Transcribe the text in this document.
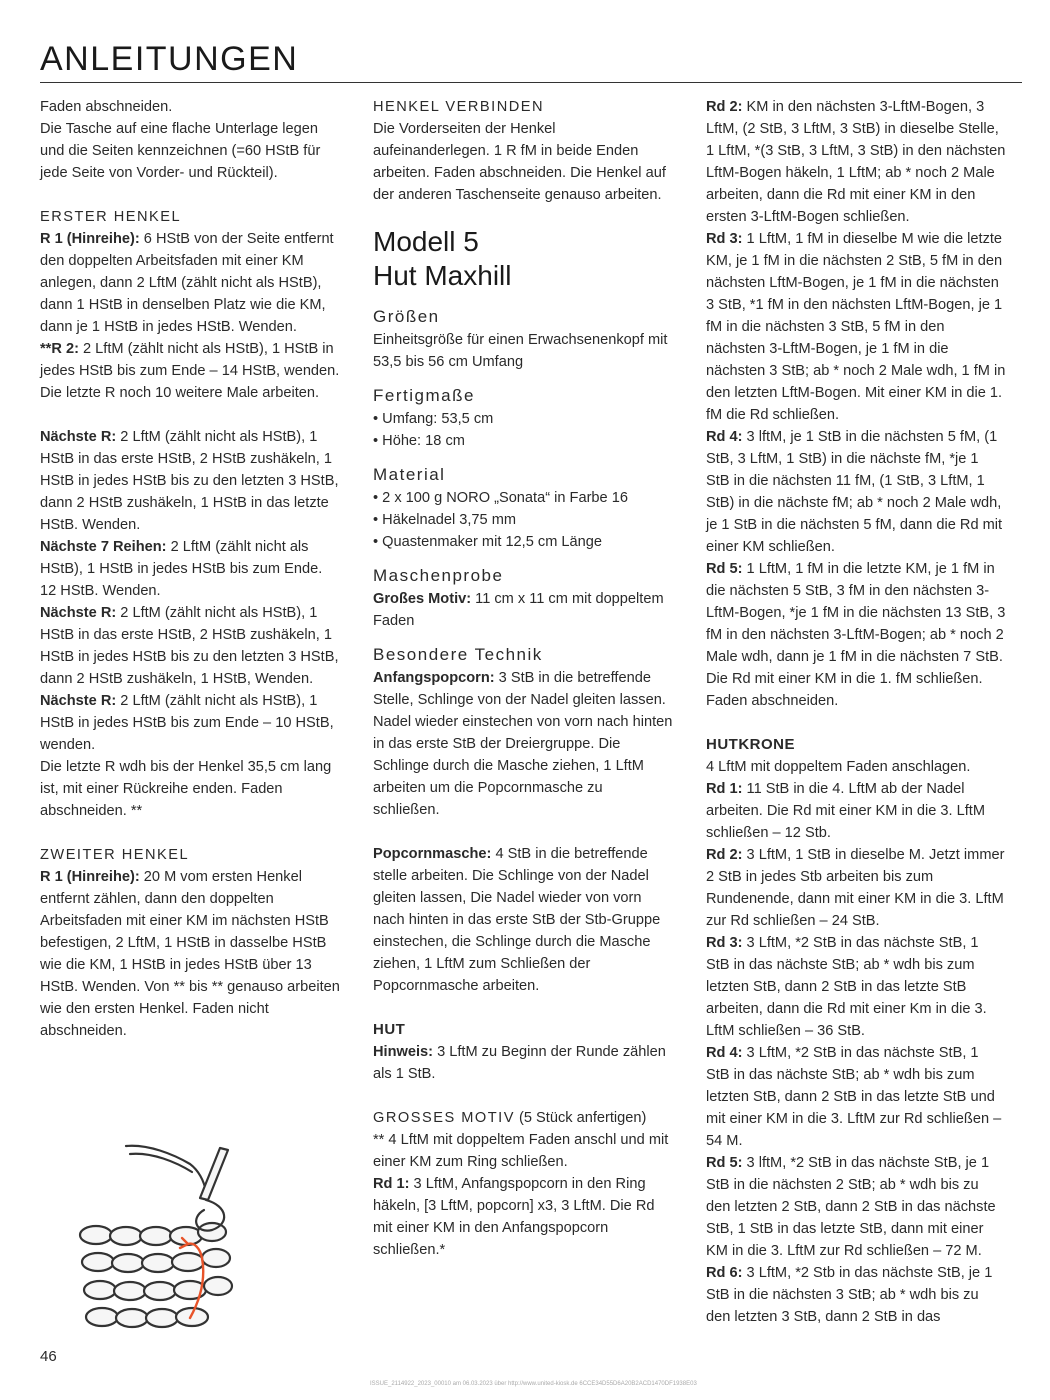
ANLEITUNGEN

Faden abschneiden.

Die Tasche auf eine flache Unterlage legen und die Seiten kennzeichnen (=60 HStB für jede Seite von Vorder- und Rückteil).

ERSTER HENKEL

R 1 (Hinreihe): 6 HStB von der Seite entfernt den doppelten Arbeitsfaden mit einer KM anlegen, dann 2 LftM (zählt nicht als HStB), dann 1 HStB in denselben Platz wie die KM, dann je 1 HStB in jedes HStB. Wenden.

**R 2: 2 LftM (zählt nicht als HStB), 1 HStB in jedes HStB bis zum Ende – 14 HStB, wenden.

Die letzte R noch 10 weitere Male arbeiten.

Nächste R: 2 LftM (zählt nicht als HStB), 1 HStB in das erste HStB, 2 HStB zushäkeln, 1 HStB in jedes HStB bis zu den letzten 3 HStB, dann 2 HStB zushäkeln, 1 HStB in das letzte HStB. Wenden.

Nächste 7 Reihen: 2 LftM (zählt nicht als HStB), 1 HStB in jedes HStB bis zum Ende. 12 HStB. Wenden.

Nächste R: 2 LftM (zählt nicht als HStB), 1 HStB in das erste HStB, 2 HStB zushäkeln, 1 HStB in jedes HStB bis zu den letzten 3 HStB, dann 2 HStB zushäkeln, 1 HStB, Wenden.

Nächste R: 2 LftM (zählt nicht als HStB), 1 HStB in jedes HStB bis zum Ende – 10 HStB, wenden.

Die letzte R wdh bis der Henkel 35,5 cm lang ist, mit einer Rückreihe enden. Faden abschneiden. **

ZWEITER HENKEL

R 1 (Hinreihe): 20 M vom ersten Henkel entfernt zählen, dann den doppelten Arbeitsfaden mit einer KM im nächsten HStB befestigen, 2 LftM, 1 HStB in dasselbe HStB wie die KM, 1 HStB in jedes HStB über 13 HStB. Wenden. Von ** bis ** genauso arbeiten wie den ersten Henkel. Faden nicht abschneiden.

HENKEL VERBINDEN

Die Vorderseiten der Henkel aufeinanderlegen. 1 R fM in beide Enden arbeiten. Faden abschneiden. Die Henkel auf der anderen Taschenseite genauso arbeiten.

Modell 5
Hut Maxhill

Größen

Einheitsgröße für einen Erwachsenenkopf mit 53,5 bis 56 cm Umfang

Fertigmaße

• Umfang: 53,5 cm

• Höhe: 18 cm

Material

• 2 x 100 g NORO „Sonata“ in Farbe 16

• Häkelnadel 3,75 mm

• Quastenmaker mit 12,5 cm Länge

Maschenprobe

Großes Motiv: 11 cm x 11 cm mit doppeltem Faden

Besondere Technik

Anfangspopcorn: 3 StB in die betreffende Stelle, Schlinge von der Nadel gleiten lassen. Nadel wieder einstechen von vorn nach hinten in das erste StB der Dreiergruppe. Die Schlinge durch die Masche ziehen, 1 LftM arbeiten um die Popcornmasche zu schließen.

Popcornmasche: 4 StB in die betreffende stelle arbeiten. Die Schlinge von der Nadel gleiten lassen, Die Nadel wieder von vorn nach hinten in das erste StB der Stb-Gruppe einstechen, die Schlinge durch die Masche ziehen, 1 LftM zum Schließen der Popcornmasche arbeiten.

HUT

Hinweis: 3 LftM zu Beginn der Runde zählen als 1 StB.

GROSSES MOTIV (5 Stück anfertigen)

** 4 LftM mit doppeltem Faden anschl und mit einer KM zum Ring schließen.

Rd 1: 3 LftM, Anfangspopcorn in den Ring häkeln, [3 LftM, popcorn] x3, 3 LftM. Die Rd mit einer KM in den Anfangspopcorn schließen.*

Rd 2: KM in den nächsten 3-LftM-Bogen, 3 LftM, (2 StB, 3 LftM, 3 StB) in dieselbe Stelle, 1 LftM, *(3 StB, 3 LftM, 3 StB) in den nächsten LftM-Bogen häkeln, 1 LftM; ab * noch 2 Male arbeiten, dann die Rd mit einer KM in den ersten 3-LftM-Bogen schließen.

Rd 3: 1 LftM, 1 fM in dieselbe M wie die letzte KM, je 1 fM in die nächsten 2 StB, 5 fM in den nächsten LftM-Bogen, je 1 fM in die nächsten 3 StB, *1 fM in den nächsten LftM-Bogen, je 1 fM in die nächsten 3 StB, 5 fM in den nächsten 3-LftM-Bogen, je 1 fM in die nächsten 3 StB; ab * noch 2 Male wdh, 1 fM in den letzten LftM-Bogen. Mit einer KM in die 1. fM die Rd schließen.

Rd 4: 3 lftM, je 1 StB in die nächsten 5 fM, (1 StB, 3 LftM, 1 StB) in die nächste fM, *je 1 StB in die nächsten 11 fM, (1 StB, 3 LftM, 1 StB) in die nächste fM; ab * noch 2 Male wdh, je 1 StB in die nächsten 5 fM, dann die Rd mit einer KM schließen.

Rd 5: 1 LftM, 1 fM in die letzte KM, je 1 fM in die nächsten 5 StB, 3 fM in den nächsten 3-LftM-Bogen, *je 1 fM in die nächsten 13 StB, 3 fM in den nächsten 3-LftM-Bogen; ab * noch 2 Male wdh, dann je 1 fM in die nächsten 7 StB. Die Rd mit einer KM in die 1. fM schließen. Faden abschneiden.

HUTKRONE

4 LftM mit doppeltem Faden anschlagen.

Rd 1: 11 StB in die 4. LftM ab der Nadel arbeiten. Die Rd mit einer KM in die 3. LftM schließen – 12 Stb.

Rd 2: 3 LftM, 1 StB in dieselbe M. Jetzt immer 2 StB in jedes Stb arbeiten bis zum Rundenende, dann mit einer KM in die 3. LftM zur Rd schließen – 24 StB.

Rd 3: 3 LftM, *2 StB in das nächste StB, 1 StB in das nächste StB; ab * wdh bis zum letzten StB, dann 2 StB in das letzte StB arbeiten, dann die Rd mit einer Km in die 3. LftM schließen – 36 StB.

Rd 4: 3 LftM, *2 StB in das nächste StB, 1 StB in das nächste StB; ab * wdh bis zum letzten StB, dann 2 StB in das letzte StB und mit einer KM in die 3. LftM zur Rd schließen – 54 M.

Rd 5: 3 lftM, *2 StB in das nächste StB, je 1 StB in die nächsten 2 StB; ab * wdh bis zu den letzten 2 StB, dann 2 StB in das nächste StB, 1 StB in das letzte StB, dann mit einer KM in die 3. LftM zur Rd schließen – 72 M.

Rd 6: 3 LftM, *2 Stb in das nächste StB, je 1 StB in die nächsten 3 StB; ab * wdh bis zu den letzten 3 StB, dann 2 StB in das

46
ISSUE_2114922_2023_00010 am 06.03.2023 über http://www.united-kiosk.de 6CCE34D55D6A20B2ACD1470DF1938E03
